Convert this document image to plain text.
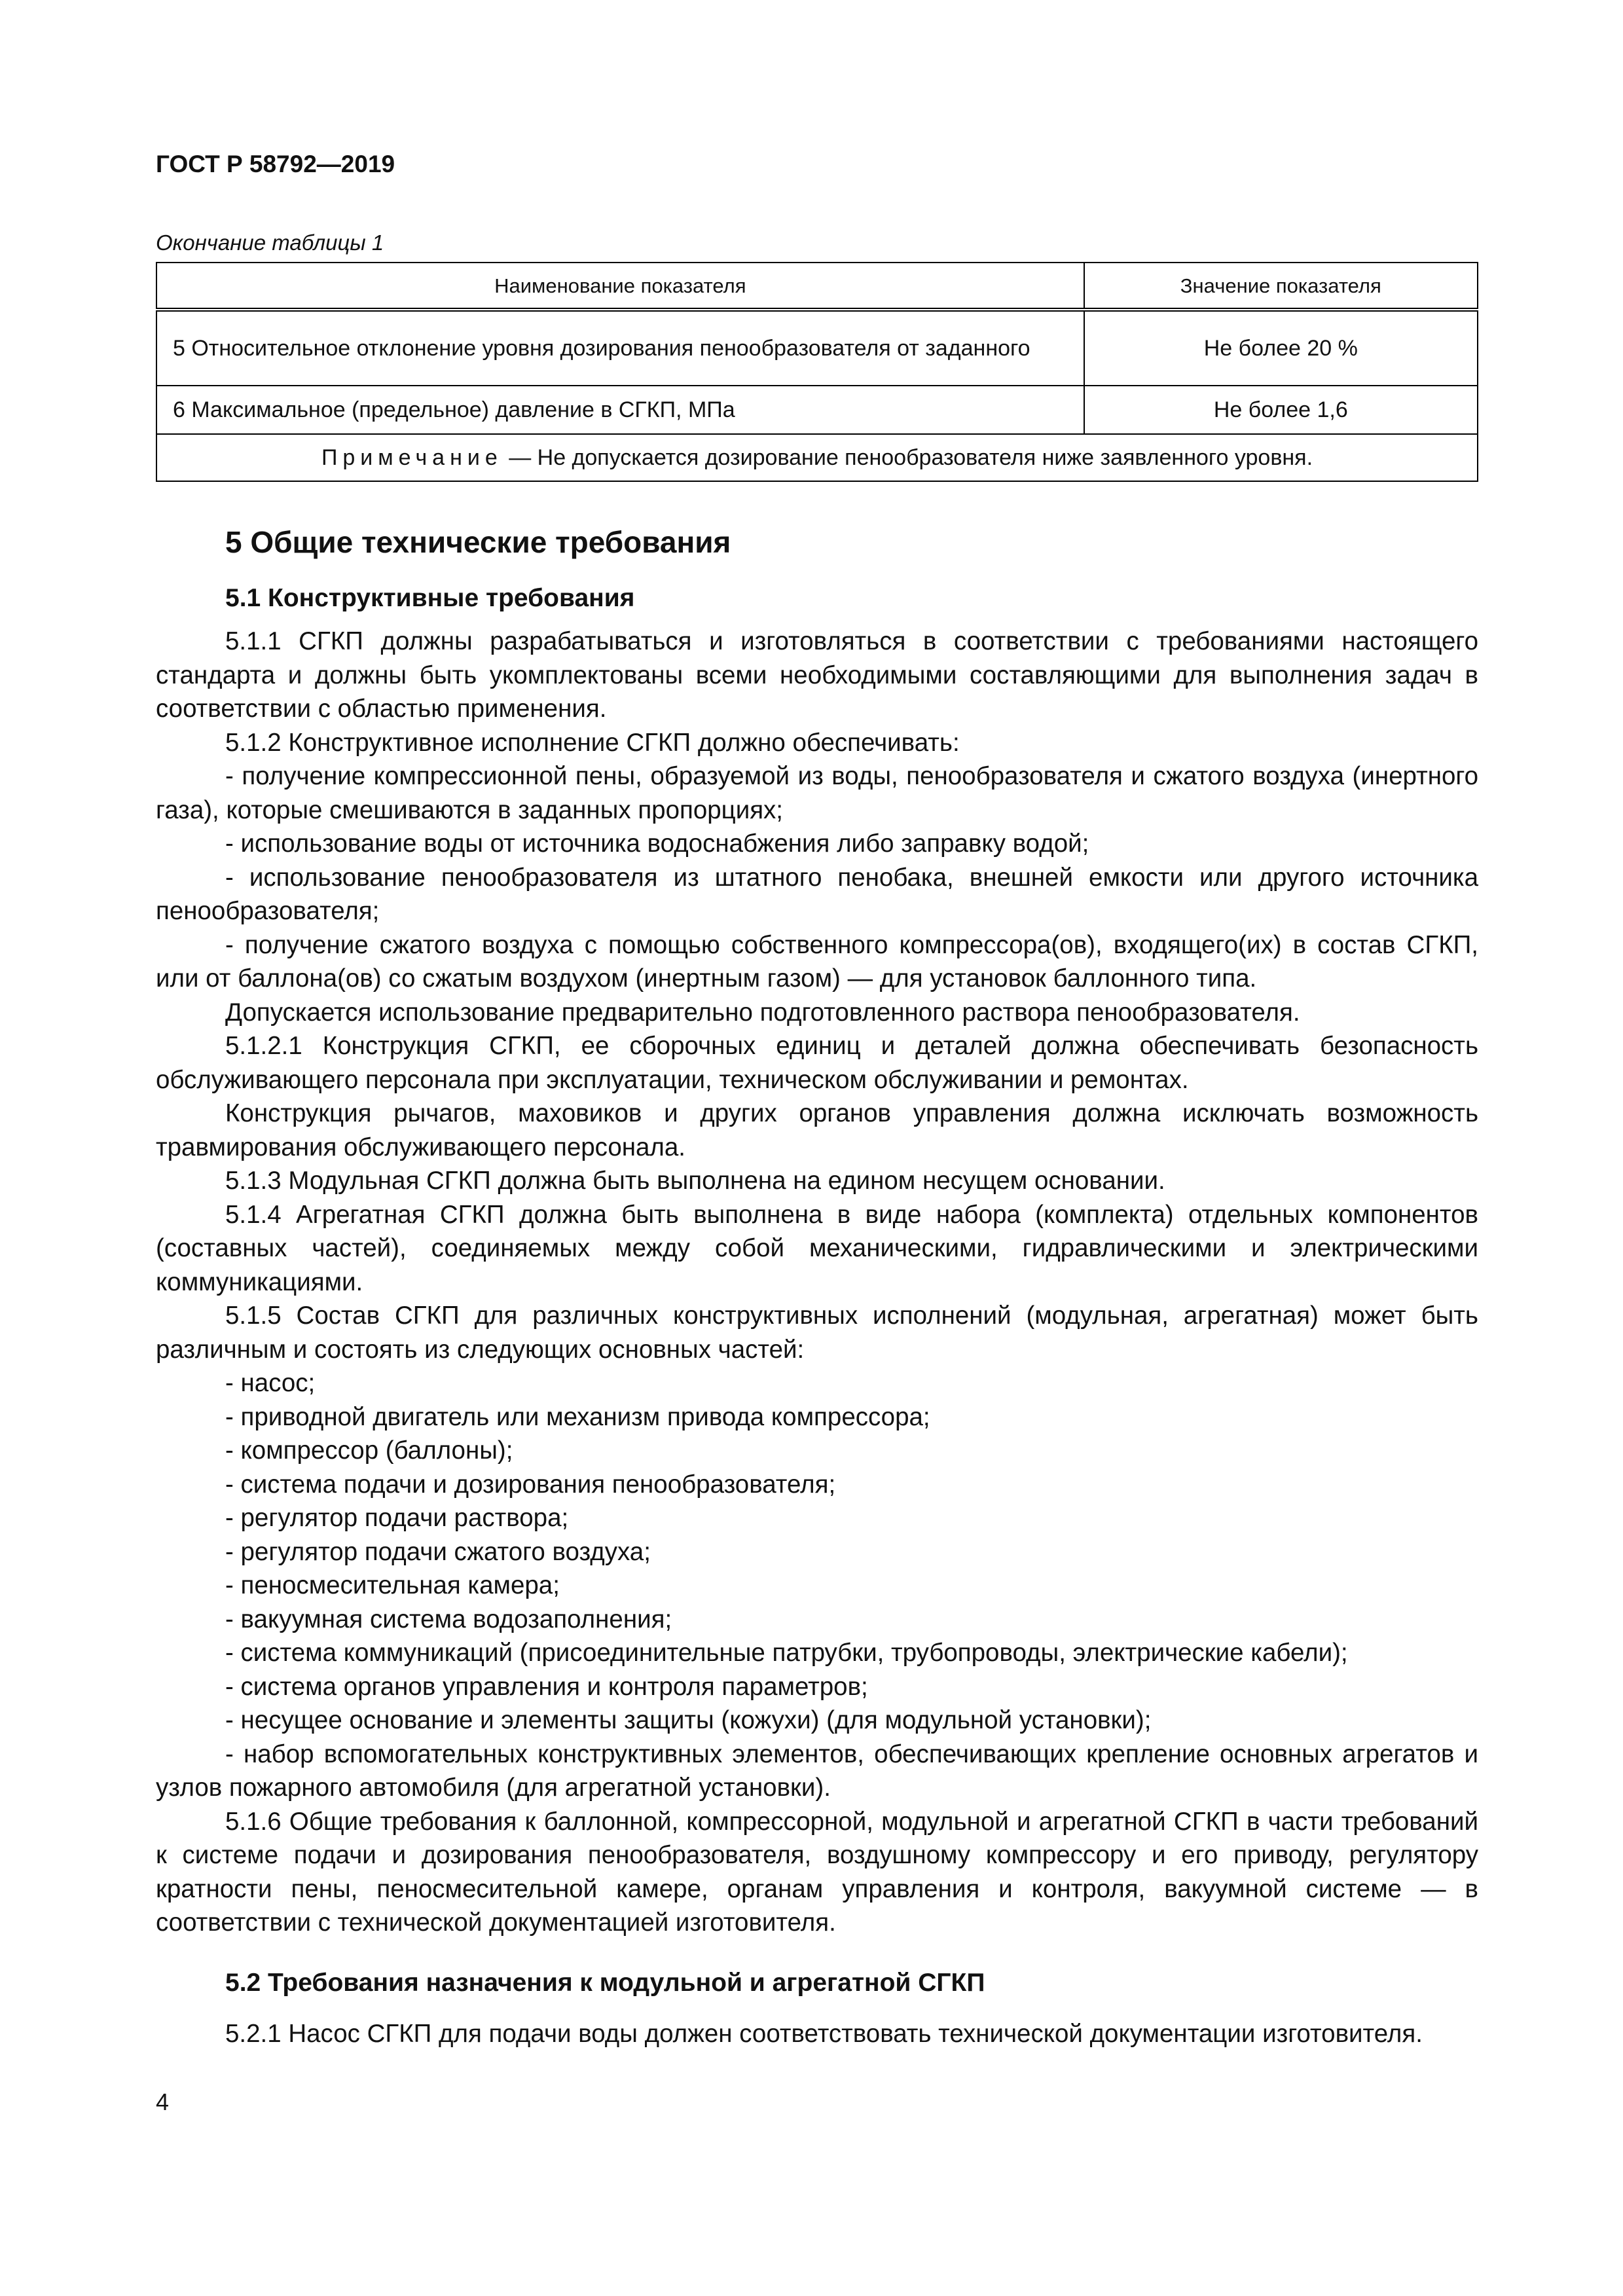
ГОСТ Р 58792—2019
Окончание таблицы 1
Наименование показателя	Значение показателя
5 Относительное отклонение уровня дозирования пенообразователя от заданного	Не более 20 %
6 Максимальное (предельное) давление в СГКП, МПа	Не более 1,6
Примечание — Не допускается дозирование пенообразователя ниже заявленного уровня.	
5 Общие технические требования
5.1 Конструктивные требования

5.1.1 СГКП должны разрабатываться и изготовляться в соответствии с требованиями настоящего стандарта и должны быть укомплектованы всеми необходимыми составляющими для выполнения задач в соответствии с областью применения.

5.1.2 Конструктивное исполнение СГКП должно обеспечивать:

- получение компрессионной пены, образуемой из воды, пенообразователя и сжатого воздуха (инертного газа), которые смешиваются в заданных пропорциях;

- использование воды от источника водоснабжения либо заправку водой;

- использование пенообразователя из штатного пенобака, внешней емкости или другого источника пенообразователя;

- получение сжатого воздуха с помощью собственного компрессора(ов), входящего(их) в состав СГКП, или от баллона(ов) со сжатым воздухом (инертным газом) — для установок баллонного типа.

Допускается использование предварительно подготовленного раствора пенообразователя.

5.1.2.1 Конструкция СГКП, ее сборочных единиц и деталей должна обеспечивать безопасность обслуживающего персонала при эксплуатации, техническом обслуживании и ремонтах.

Конструкция рычагов, маховиков и других органов управления должна исключать возможность травмирования обслуживающего персонала.

5.1.3 Модульная СГКП должна быть выполнена на едином несущем основании.

5.1.4 Агрегатная СГКП должна быть выполнена в виде набора (комплекта) отдельных компонентов (составных частей), соединяемых между собой механическими, гидравлическими и электрическими коммуникациями.

5.1.5 Состав СГКП для различных конструктивных исполнений (модульная, агрегатная) может быть различным и состоять из следующих основных частей:

- насос;

- приводной двигатель или механизм привода компрессора;

- компрессор (баллоны);

- система подачи и дозирования пенообразователя;

- регулятор подачи раствора;

- регулятор подачи сжатого воздуха;

- пеносмесительная камера;

- вакуумная система водозаполнения;

- система коммуникаций (присоединительные патрубки, трубопроводы, электрические кабели);

- система органов управления и контроля параметров;

- несущее основание и элементы защиты (кожухи) (для модульной установки);

- набор вспомогательных конструктивных элементов, обеспечивающих крепление основных агрегатов и узлов пожарного автомобиля (для агрегатной установки).

5.1.6 Общие требования к баллонной, компрессорной, модульной и агрегатной СГКП в части требований к системе подачи и дозирования пенообразователя, воздушному компрессору и его приводу, регулятору кратности пены, пеносмесительной камере, органам управления и контроля, вакуумной системе — в соответствии с технической документацией изготовителя.

5.2 Требования назначения к модульной и агрегатной СГКП

5.2.1 Насос СГКП для подачи воды должен соответствовать технической документации изготовителя.

4
